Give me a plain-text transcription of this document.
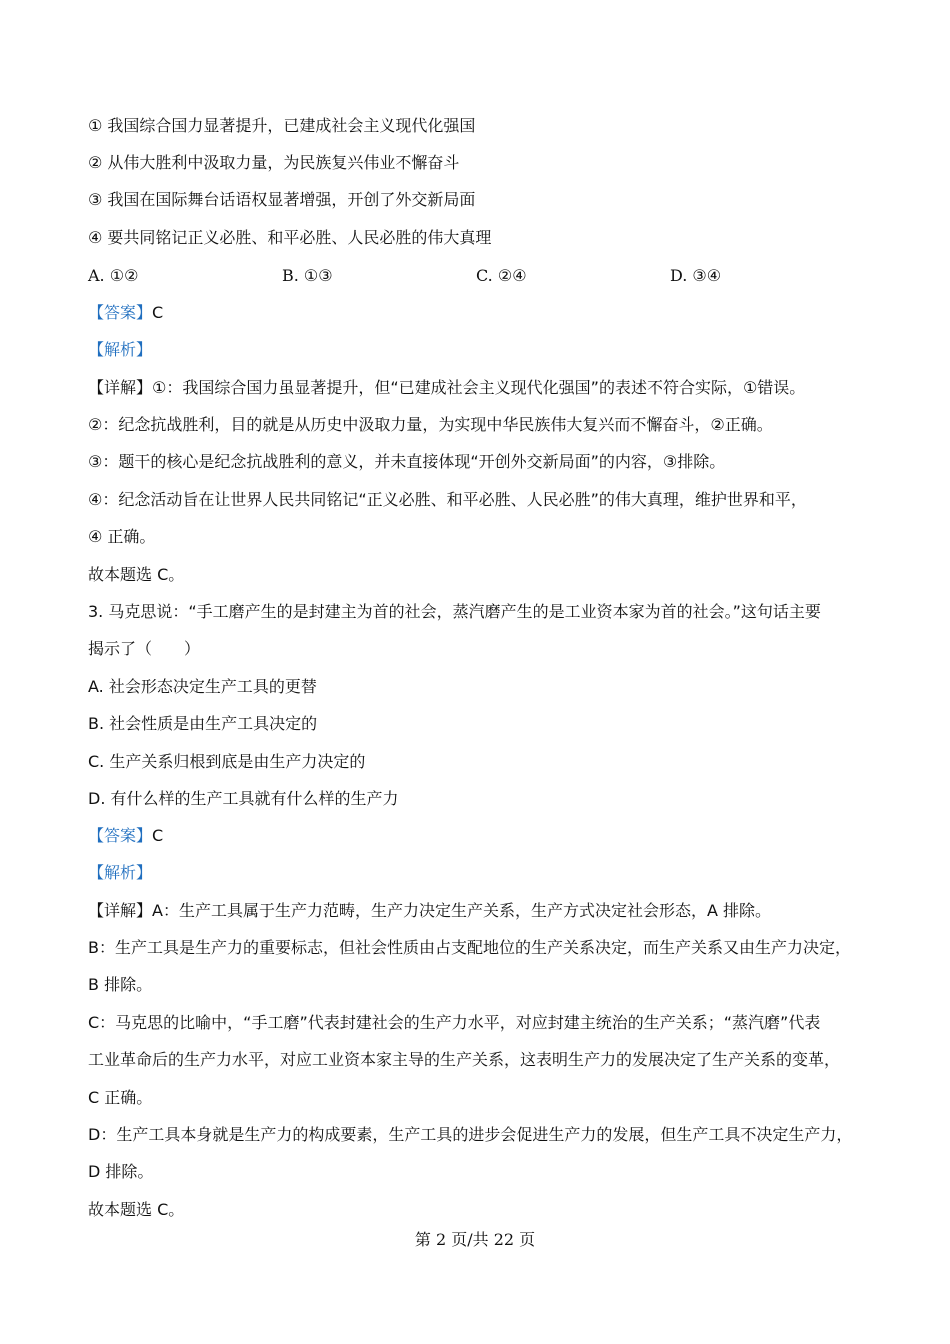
① 我国综合国力显著提升，已建成社会主义现代化强国
② 从伟大胜利中汲取力量，为民族复兴伟业不懈奋斗
③ 我国在国际舞台话语权显著增强，开创了外交新局面
④ 要共同铭记正义必胜、和平必胜、人民必胜的伟大真理
A. ①②	B. ①③	C. ②④	D. ③④
【答案】C
【解析】
【详解】①：我国综合国力虽显著提升，但“已建成社会主义现代化强国”的表述不符合实际，①错误。
②：纪念抗战胜利，目的就是从历史中汲取力量，为实现中华民族伟大复兴而不懈奋斗，②正确。
③：题干的核心是纪念抗战胜利的意义，并未直接体现“开创外交新局面”的内容，③排除。
④：纪念活动旨在让世界人民共同铭记“正义必胜、和平必胜、人民必胜”的伟大真理，维护世界和平，
④ 正确。
故本题选 C。
3. 马克思说：“手工磨产生的是封建主为首的社会，蒸汽磨产生的是工业资本家为首的社会。”这句话主要
揭示了（　　）
A. 社会形态决定生产工具的更替
B. 社会性质是由生产工具决定的
C. 生产关系归根到底是由生产力决定的
D. 有什么样的生产工具就有什么样的生产力
【答案】C
【解析】
【详解】A：生产工具属于生产力范畴，生产力决定生产关系，生产方式决定社会形态，A 排除。
B：生产工具是生产力的重要标志，但社会性质由占支配地位的生产关系决定，而生产关系又由生产力决定，
B 排除。
C：马克思的比喻中，“手工磨”代表封建社会的生产力水平，对应封建主统治的生产关系；“蒸汽磨”代表
工业革命后的生产力水平，对应工业资本家主导的生产关系，这表明生产力的发展决定了生产关系的变革，
C 正确。
D：生产工具本身就是生产力的构成要素，生产工具的进步会促进生产力的发展，但生产工具不决定生产力，
D 排除。
故本题选 C。
第 2 页/共 22 页
